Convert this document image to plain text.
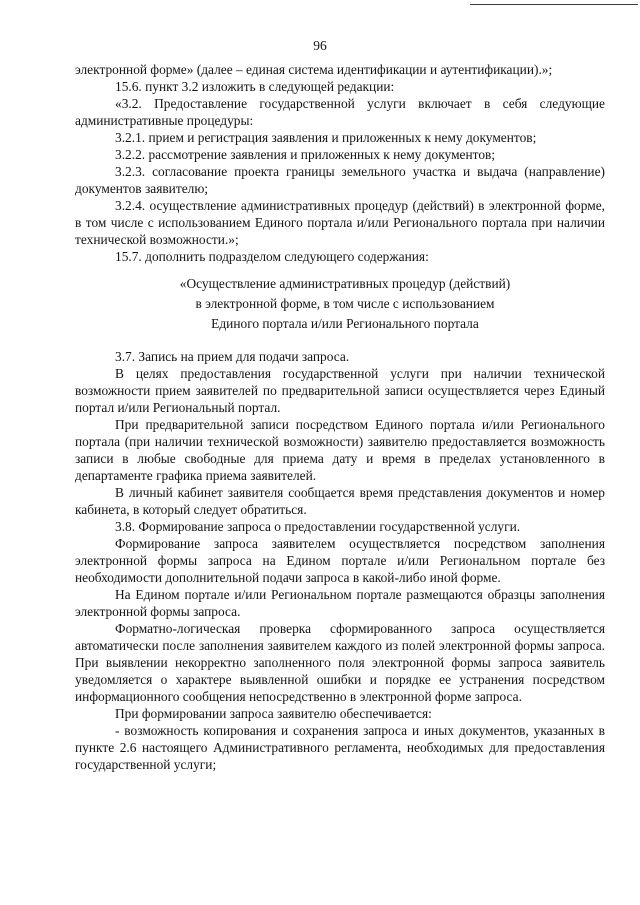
96

электронной форме» (далее – единая система идентификации и аутентификации).»;

15.6. пункт 3.2 изложить в следующей редакции:

«3.2. Предоставление государственной услуги включает в себя следующие административные процедуры:

3.2.1. прием и регистрация заявления и приложенных к нему документов;

3.2.2. рассмотрение заявления и приложенных к нему документов;

3.2.3. согласование проекта границы земельного участка и выдача (направление) документов заявителю;

3.2.4. осуществление административных процедур (действий) в электронной форме, в том числе с использованием Единого портала и/или Регионального портала при наличии технической возможности.»;

15.7. дополнить подразделом следующего содержания:

«Осуществление административных процедур (действий)
в электронной форме, в том числе с использованием
Единого портала и/или Регионального портала

3.7. Запись на прием для подачи запроса.

В целях предоставления государственной услуги при наличии технической возможности прием заявителей по предварительной записи осуществляется через Единый портал и/или Региональный портал.

При предварительной записи посредством Единого портала и/или Регионального портала (при наличии технической возможности) заявителю предоставляется возможность записи в любые свободные для приема дату и время в пределах установленного в департаменте графика приема заявителей.

В личный кабинет заявителя сообщается время представления документов и номер кабинета, в который следует обратиться.

3.8. Формирование запроса о предоставлении государственной услуги.

Формирование запроса заявителем осуществляется посредством заполнения электронной формы запроса на Едином портале и/или Региональном портале без необходимости дополнительной подачи запроса в какой-либо иной форме.

На Едином портале и/или Региональном портале размещаются образцы заполнения электронной формы запроса.

Форматно-логическая проверка сформированного запроса осуществляется автоматически после заполнения заявителем каждого из полей электронной формы запроса. При выявлении некорректно заполненного поля электронной формы запроса заявитель уведомляется о характере выявленной ошибки и порядке ее устранения посредством информационного сообщения непосредственно в электронной форме запроса.

При формировании запроса заявителю обеспечивается:

- возможность копирования и сохранения запроса и иных документов, указанных в пункте 2.6 настоящего Административного регламента, необходимых для предоставления государственной услуги;
